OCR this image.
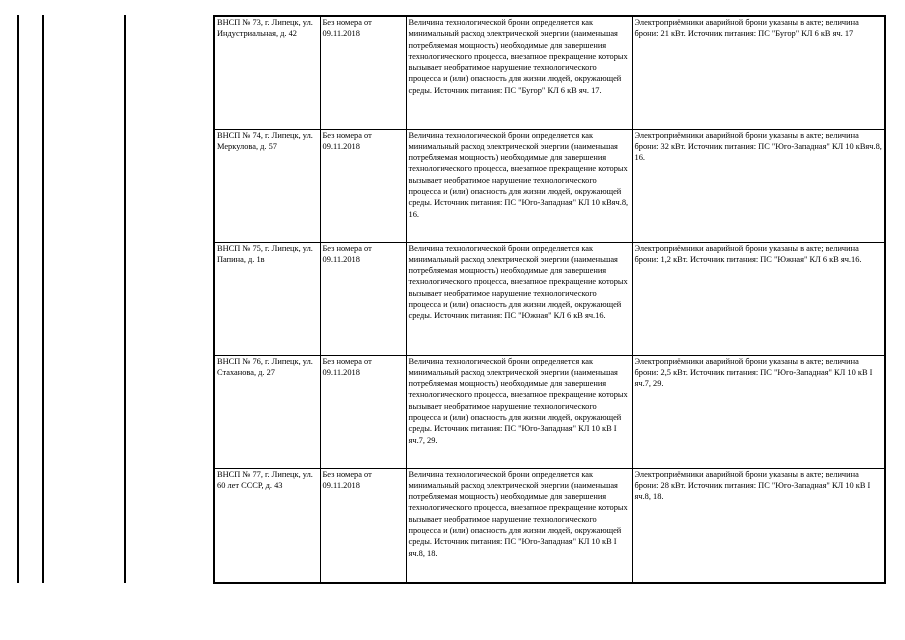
ВНСП № 73, г. Липецк, ул. Индустриальная, д. 42	Без номера от 09.11.2018	Величина технологической брони определяется как минимальный расход электрической энергии (наименьшая потребляемая мощность) необходимые для завершения технологического процесса, внезапное прекращение которых вызывает необратимое нарушение технологического процесса и (или) опасность для жизни людей, окружающей среды. Источник питания: ПС "Бугор" КЛ 6 кВ яч. 17.	Электроприёмники аварийной брони указаны в акте; величина брони: 21 кВт. Источник питания: ПС "Бугор" КЛ 6 кВ яч. 17
ВНСП № 74, г. Липецк, ул. Меркулова, д. 57	Без номера от 09.11.2018	Величина технологической брони определяется как минимальный расход электрической энергии (наименьшая потребляемая мощность) необходимые для завершения технологического процесса, внезапное прекращение которых вызывает необратимое нарушение технологического процесса и (или) опасность для жизни людей, окружающей среды. Источник питания: ПС "Юго-Западная" КЛ 10 кВяч.8, 16.	Электроприёмники аварийной брони указаны в акте; величина брони: 32 кВт. Источник питания: ПС "Юго-Западная" КЛ 10 кВяч.8, 16.
ВНСП № 75, г. Липецк, ул. Папина, д. 1в	Без номера от 09.11.2018	Величина технологической брони определяется как минимальный расход электрической энергии (наименьшая потребляемая мощность) необходимые для завершения технологического процесса, внезапное прекращение которых вызывает необратимое нарушение технологического процесса и (или) опасность для жизни людей, окружающей среды. Источник питания: ПС "Южная" КЛ 6 кВ яч.16.	Электроприёмники аварийной брони указаны в акте; величина брони: 1,2 кВт. Источник питания: ПС "Южная" КЛ 6 кВ яч.16.
ВНСП № 76, г. Липецк, ул. Стаханова, д. 27	Без номера от 09.11.2018	Величина технологической брони определяется как минимальный расход электрической энергии (наименьшая потребляемая мощность) необходимые для завершения технологического процесса, внезапное прекращение которых вызывает необратимое нарушение технологического процесса и (или) опасность для жизни людей, окружающей среды. Источник питания: ПС "Юго-Западная" КЛ 10 кВ I яч.7, 29.	Электроприёмники аварийной брони указаны в акте; величина брони: 2,5 кВт. Источник питания: ПС "Юго-Западная" КЛ 10 кВ I яч.7, 29.
ВНСП № 77, г. Липецк, ул. 60 лет СССР, д. 43	Без номера от 09.11.2018	Величина технологической брони определяется как минимальный расход электрической энергии (наименьшая потребляемая мощность) необходимые для завершения технологического процесса, внезапное прекращение которых вызывает необратимое нарушение технологического процесса и (или) опасность для жизни людей, окружающей среды. Источник питания: ПС "Юго-Западная" КЛ 10 кВ I яч.8, 18.	Электроприёмники аварийной брони указаны в акте; величина брони: 28 кВт. Источник питания: ПС "Юго-Западная" КЛ 10 кВ I яч.8, 18.
